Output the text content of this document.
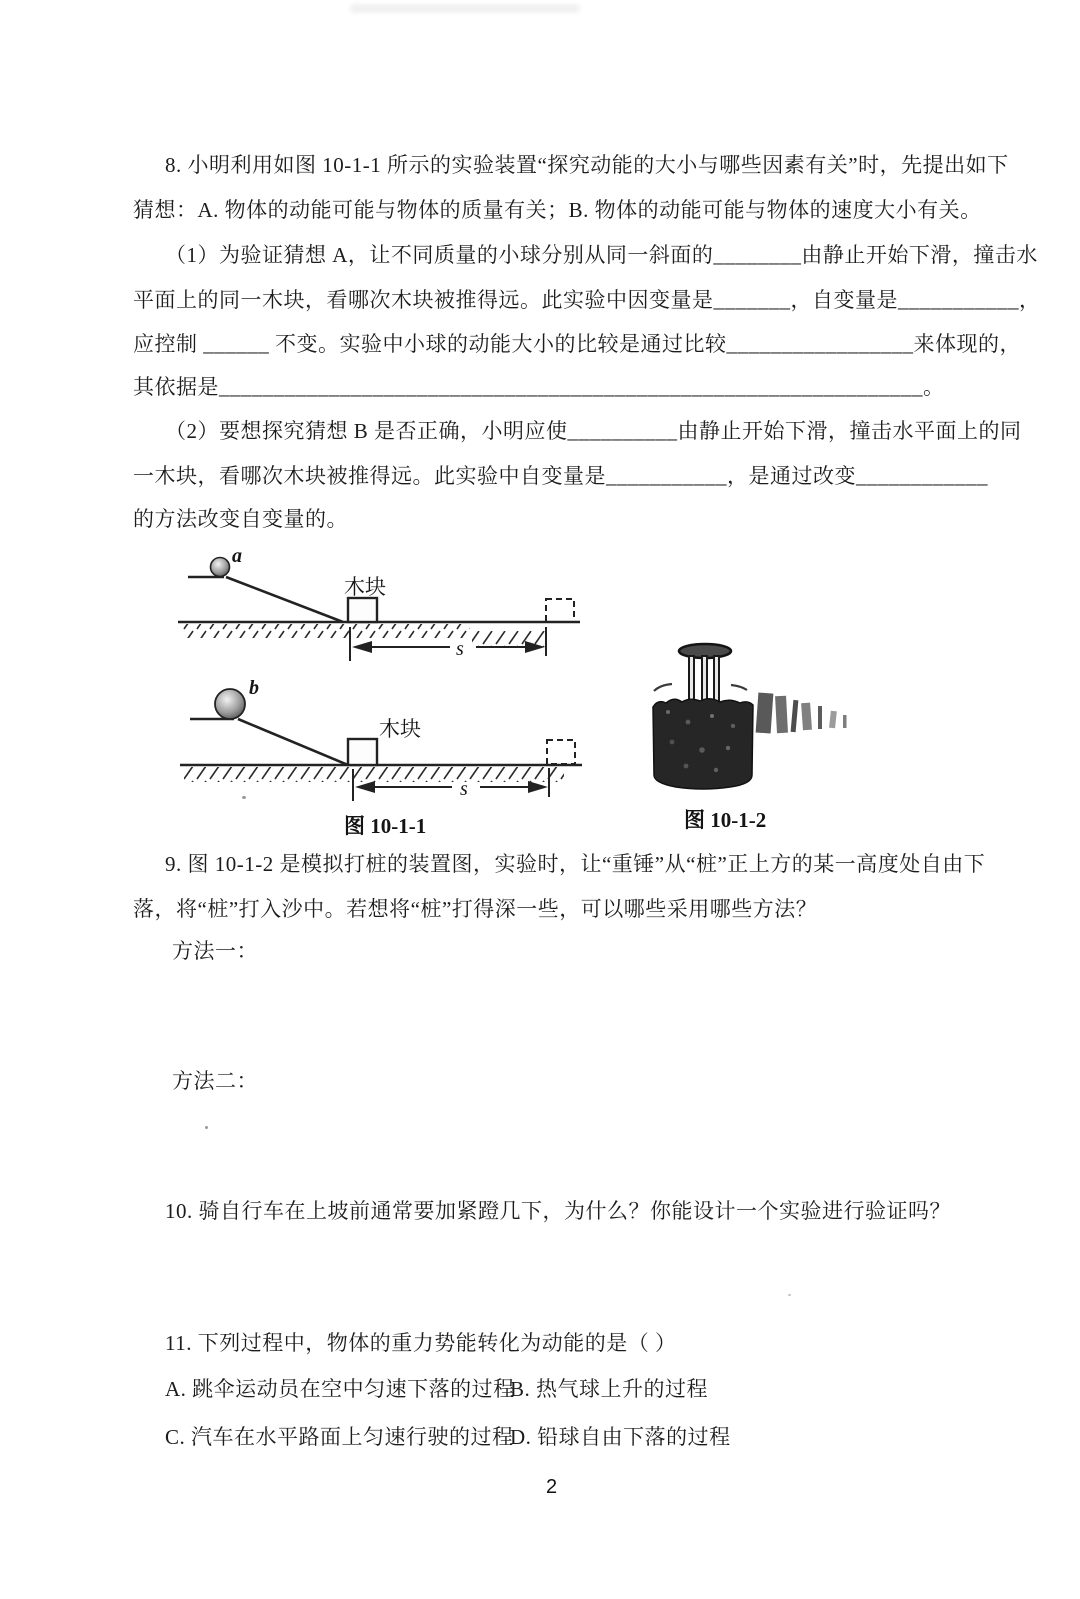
8. 小明利用如图 10-1-1 所示的实验装置“探究动能的大小与哪些因素有关”时，先提出如下
猜想：A. 物体的动能可能与物体的质量有关；B. 物体的动能可能与物体的速度大小有关。
（1）为验证猜想 A，让不同质量的小球分别从同一斜面的________由静止开始下滑，撞击水
平面上的同一木块，看哪次木块被推得远。此实验中因变量是_______，自变量是___________，
应控制 ______ 不变。实验中小球的动能大小的比较是通过比较_________________来体现的，
其依据是________________________________________________________________。
（2）要想探究猜想 B 是否正确，小明应使__________由静止开始下滑，撞击水平面上的同
一木块，看哪次木块被推得远。此实验中自变量是___________，是通过改变____________
的方法改变自变量的。
a
木块
s
b
木块
s
图 10-1-1	图 10-1-2
9. 图 10-1-2 是模拟打桩的装置图，实验时，让“重锤”从“桩”正上方的某一高度处自由下
落，将“桩”打入沙中。若想将“桩”打得深一些，可以哪些采用哪些方法？
方法一：
方法二：
10. 骑自行车在上坡前通常要加紧蹬几下，为什么？你能设计一个实验进行验证吗？
11. 下列过程中，物体的重力势能转化为动能的是（ ）
A. 跳伞运动员在空中匀速下落的过程
B. 热气球上升的过程
C. 汽车在水平路面上匀速行驶的过程
D. 铅球自由下落的过程
2
